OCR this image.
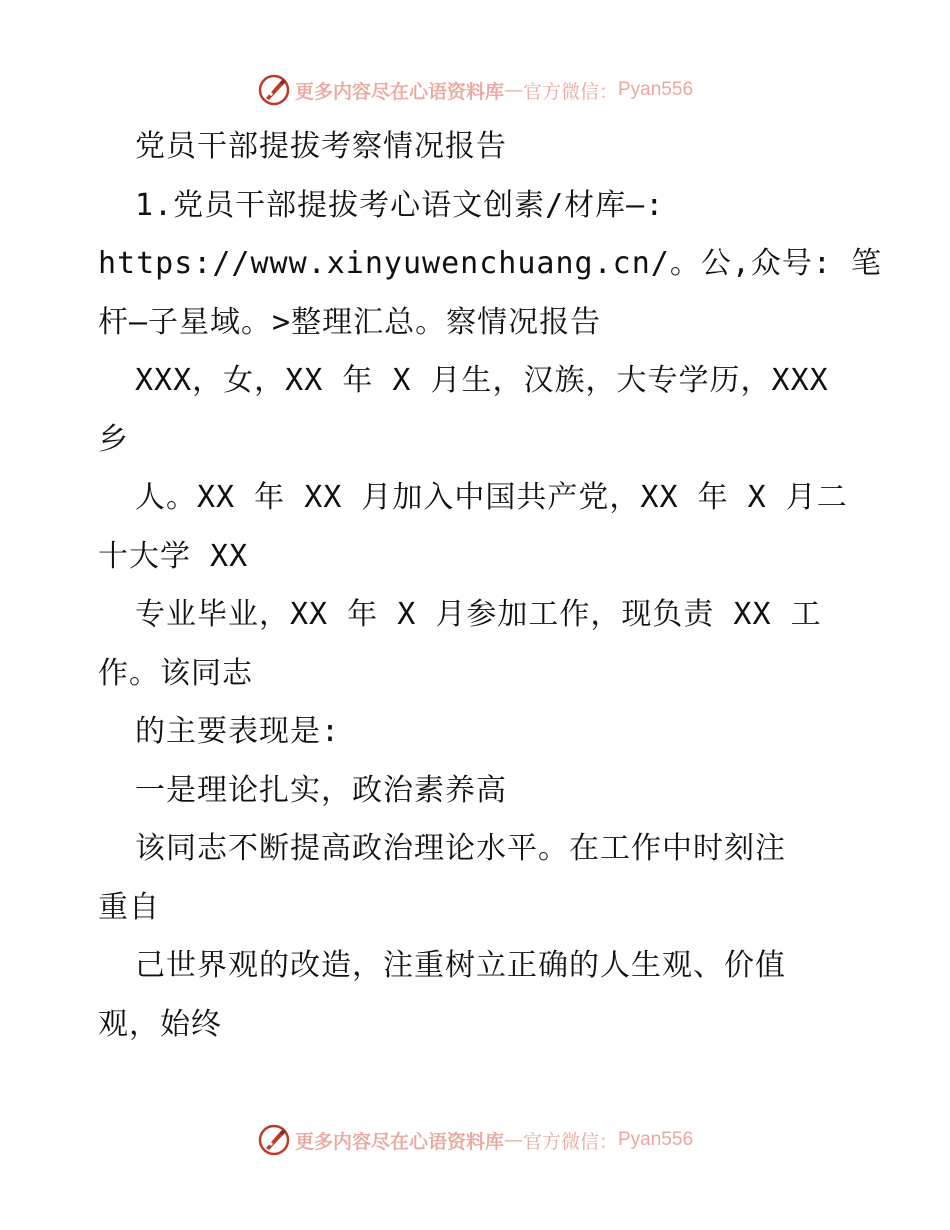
更多内容尽在心语资料库 — 官方微信： Pyan556
党员干部提拔考察情况报告
1.党员干部提拔考心语文创素/材库—:
https://www.xinyuwenchuang.cn/。公,众号: 笔
杆—子星域。>整理汇总。察情况报告
XXX，女，XX 年 X 月生，汉族，大专学历，XXX
乡
人。XX 年 XX 月加入中国共产党，XX 年 X 月二
十大学 XX
专业毕业，XX 年 X 月参加工作，现负责 XX 工
作。该同志
的主要表现是:
一是理论扎实，政治素养高
该同志不断提高政治理论水平。在工作中时刻注
重自
己世界观的改造，注重树立正确的人生观、价值
观，始终
更多内容尽在心语资料库 — 官方微信： Pyan556
